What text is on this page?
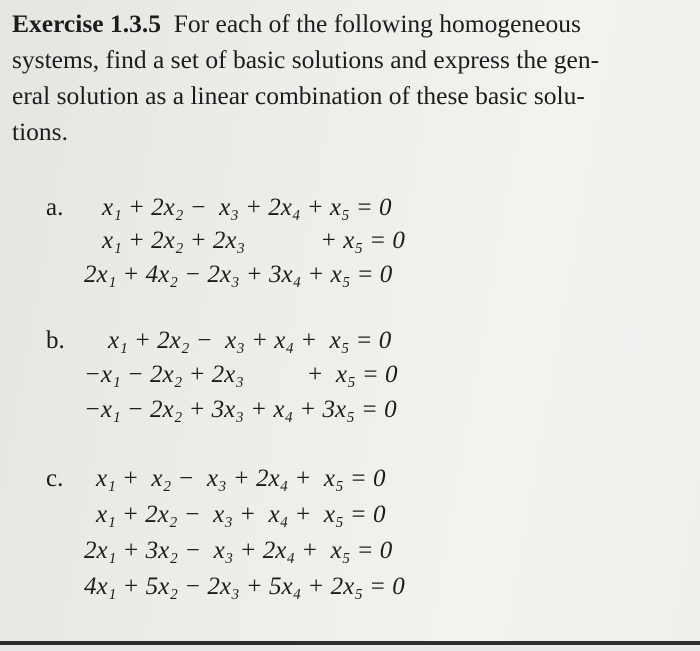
Exercise 1.3.5 For each of the following homogeneous
systems, find a set of basic solutions and express the gen-
eral solution as a linear combination of these basic solu-
tions.
a. x₁ + 2x₂ −  x₃ + 2x₄ + x₅ = 0
x₁ + 2x₂ + 2x₃            + x₅ = 0
2x₁ + 4x₂ − 2x₃ + 3x₄ + x₅ = 0
b. x₁ + 2x₂ −  x₃ + x₄ +  x₅ = 0
−x₁ − 2x₂ + 2x₃          +  x₅ = 0
−x₁ − 2x₂ + 3x₃ + x₄ + 3x₅ = 0
c. x₁ +  x₂ −  x₃ + 2x₄ +  x₅ = 0
x₁ + 2x₂ −  x₃ +  x₄ +  x₅ = 0
2x₁ + 3x₂ −  x₃ + 2x₄ +  x₅ = 0
4x₁ + 5x₂ − 2x₃ + 5x₄ + 2x₅ = 0
